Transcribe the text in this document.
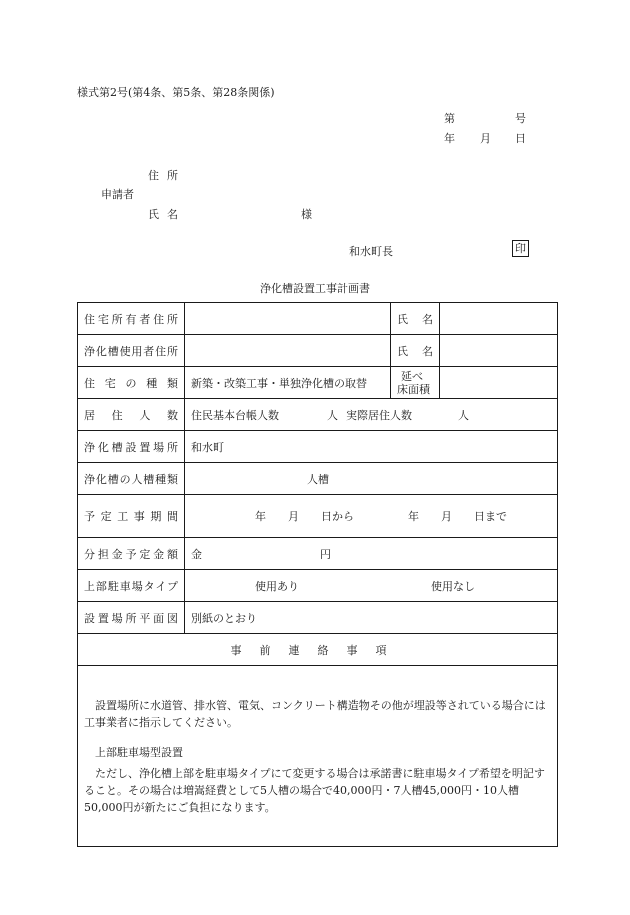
様式第2号(第4条、第5条、第28条関係)
第	号
年 月 日
住所
申請者
氏名	様
和水町長	印
浄化槽設置工事計画書
住宅所有者住所		氏名	
浄化槽使用者住所		氏名	
住宅の種類	新築・改築工事・単独浄化槽の取替	延べ
床面積	

居住人数	住民基本台帳人数 人 実際居住人数 人		
浄化槽設置場所	和水町		
浄化槽の人槽種類	人槽		
予定工事期間	年　　月　　日から 年　　月　　日まで		

分担金予定金額	金 円		
上部駐車場タイプ	使用あり 使用なし		
設置場所平面図	別紙のとおり		
事前連絡事項			

設置場所に水道管、排水管、電気、コンクリート構造物その他が埋設等されている場合には工事業者に指示してください。

上部駐車場型設置

ただし、浄化槽上部を駐車場タイプにて変更する場合は承諾書に駐車場タイプ希望を明記すること。その場合は増嵩経費として5人槽の場合で40,000円・7人槽45,000円・10人槽50,000円が新たにご負担になります。			
